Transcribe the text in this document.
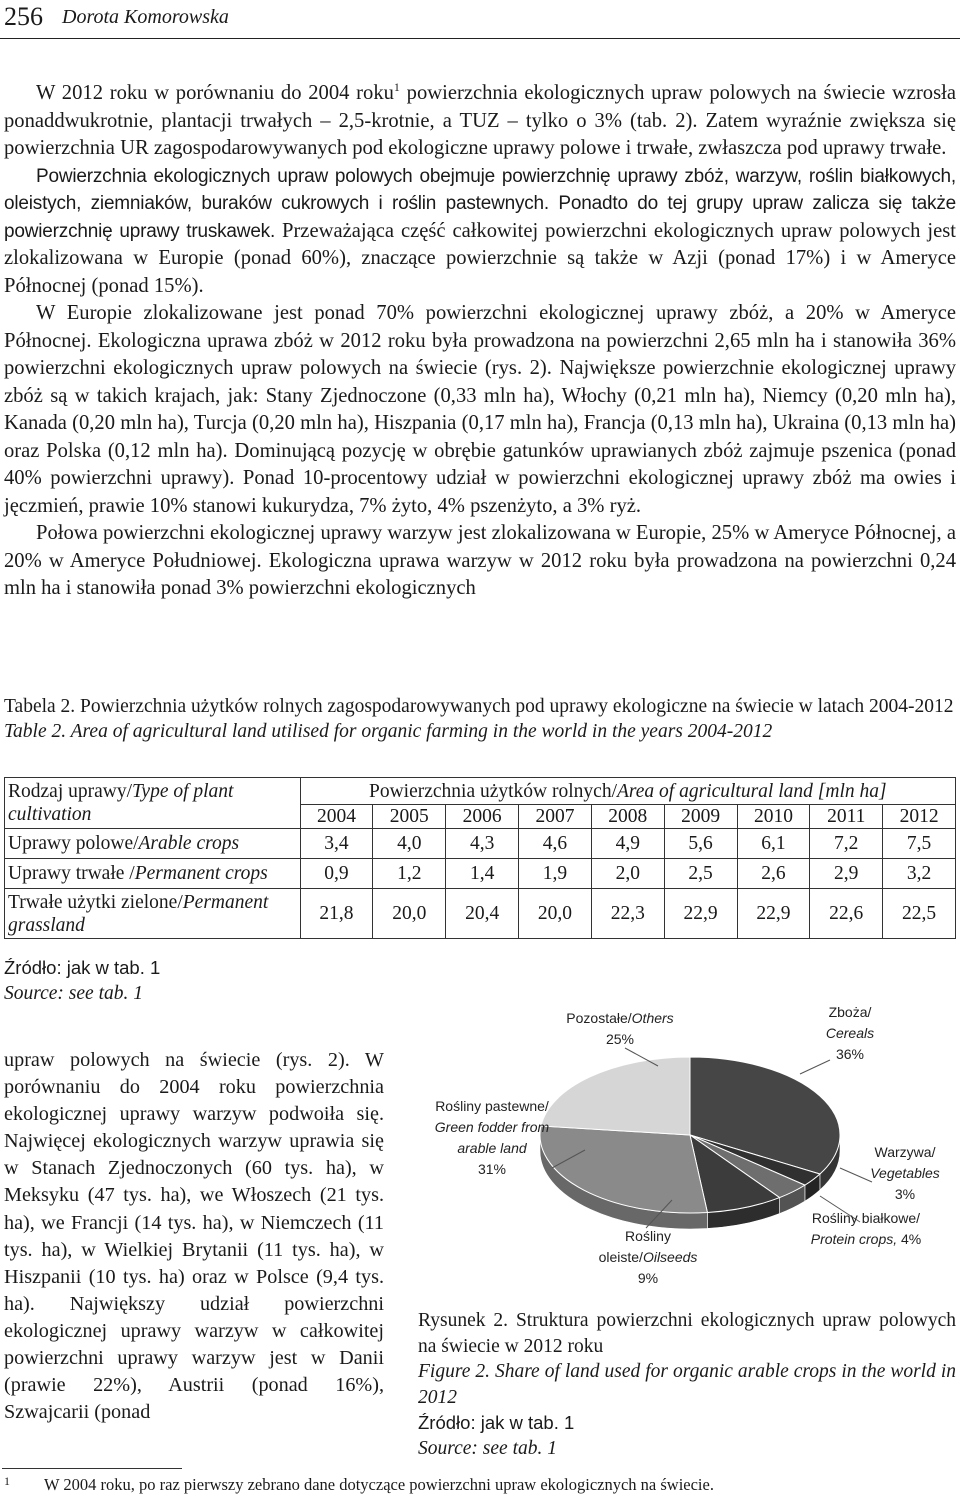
256 Dorota Komorowska

W 2012 roku w porównaniu do 2004 roku$^1$ powierzchnia ekologicznych upraw polowych na świecie wzrosła ponaddwukrotnie, plantacji trwałych – 2,5-krotnie, a TUZ – tylko o 3% (tab. 2). Zatem wyraźnie zwiększa się powierzchnia UR zagospodarowywanych pod ekologiczne uprawy polowe i trwałe, zwłaszcza pod uprawy trwałe.

Powierzchnia ekologicznych upraw polowych obejmuje powierzchnię uprawy zbóż, warzyw, roślin białkowych, oleistych, ziemniaków, buraków cukrowych i roślin pastewnych. Ponadto do tej grupy upraw zalicza się także powierzchnię uprawy truskawek. Przeważająca część całkowitej powierzchni ekologicznych upraw polowych jest zlokalizowana w Europie (ponad 60%), znaczące powierzchnie są także w Azji (ponad 17%) i w Ameryce Północnej (ponad 15%).

W Europie zlokalizowane jest ponad 70% powierzchni ekologicznej uprawy zbóż, a 20% w Ameryce Północnej. Ekologiczna uprawa zbóż w 2012 roku była prowadzona na powierzchni 2,65 mln ha i stanowiła 36% powierzchni ekologicznych upraw polowych na świecie (rys. 2). Największe powierzchnie ekologicznej uprawy zbóż są w takich krajach, jak: Stany Zjednoczone (0,33 mln ha), Włochy (0,21 mln ha), Niemcy (0,20 mln ha), Kanada (0,20 mln ha), Turcja (0,20 mln ha), Hiszpania (0,17 mln ha), Francja (0,13 mln ha), Ukraina (0,13 mln ha) oraz Polska (0,12 mln ha). Dominującą pozycję w obrębie gatunków uprawianych zbóż zajmuje pszenica (ponad 40% powierzchni uprawy). Ponad 10-procentowy udział w powierzchni ekologicznej uprawy zbóż ma owies i jęczmień, prawie 10% stanowi kukurydza, 7% żyto, 4% pszenżyto, a 3% ryż.

Połowa powierzchni ekologicznej uprawy warzyw jest zlokalizowana w Europie, 25% w Ameryce Północnej, a 20% w Ameryce Południowej. Ekologiczna uprawa warzyw w 2012 roku była prowadzona na powierzchni 0,24 mln ha i stanowiła ponad 3% powierzchni ekologicznych

Tabela 2. Powierzchnia użytków rolnych zagospodarowywanych pod uprawy ekologiczne na świecie w latach 2004-2012
Table 2. Area of agricultural land utilised for organic farming in the world in the years 2004-2012
Rodzaj uprawy/Type of plant cultivation	Powierzchnia użytków rolnych/Area of agricultural land [mln ha]								
	2004	2005	2006	2007	2008	2009	2010	2011	2012
Uprawy polowe/Arable crops	3,4	4,0	4,3	4,6	4,9	5,6	6,1	7,2	7,5
Uprawy trwałe /Permanent crops	0,9	1,2	1,4	1,9	2,0	2,5	2,6	2,9	3,2
Trwałe użytki zielone/Permanent grassland	21,8	20,0	20,4	20,0	22,3	22,9	22,9	22,6	22,5
Źródło: jak w tab. 1
Source: see tab. 1
upraw polowych na świecie (rys. 2). W porównaniu do 2004 roku powierzchnia ekologicznej uprawy warzyw podwoiła się. Najwięcej ekologicznych warzyw uprawia się w Stanach Zjednoczonych (60 tys. ha), w Meksyku (47 tys. ha), we Włoszech (21 tys. ha), we Francji (14 tys. ha), w Niemczech (11 tys. ha), w Wielkiej Brytanii (11 tys. ha), w Hiszpanii (10 tys. ha) oraz w Polsce (9,4 tys. ha). Największy udział powierzchni ekologicznej uprawy warzyw w całkowitej powierzchni uprawy warzyw jest w Danii (prawie 22%), Austrii (ponad 16%), Szwajcarii (ponad
Pozostałe/Others
25%
Zboża/
Cereals
36%
Rośliny pastewne/
Green fodder from arable land
31%
Warzywa/
Vegetables
3%
Rośliny białkowe/
Protein crops, 4%
Rośliny oleiste/Oilseeds
9%
Rysunek 2. Struktura powierzchni ekologicznych upraw polowych na świecie w 2012 roku
Figure 2. Share of land used for organic arable crops in the world in 2012
Źródło: jak w tab. 1
Source: see tab. 1
1 W 2004 roku, po raz pierwszy zebrano dane dotyczące powierzchni upraw ekologicznych na świecie.
